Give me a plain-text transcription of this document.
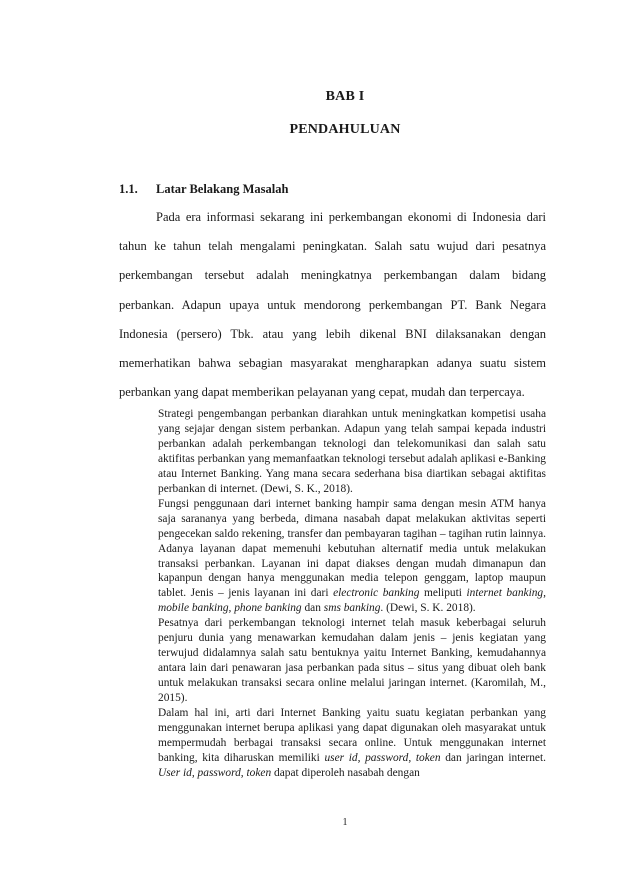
BAB I
PENDAHULUAN
1.1. Latar Belakang Masalah
Pada era informasi sekarang ini perkembangan ekonomi di Indonesia dari tahun ke tahun telah mengalami peningkatan. Salah satu wujud dari pesatnya perkembangan tersebut adalah meningkatnya perkembangan dalam bidang perbankan. Adapun upaya untuk mendorong perkembangan PT. Bank Negara Indonesia (persero) Tbk. atau yang lebih dikenal BNI dilaksanakan dengan memerhatikan bahwa sebagian masyarakat mengharapkan adanya suatu sistem perbankan yang dapat memberikan pelayanan yang cepat, mudah dan terpercaya.

Strategi pengembangan perbankan diarahkan untuk meningkatkan kompetisi usaha yang sejajar dengan sistem perbankan. Adapun yang telah sampai kepada industri perbankan adalah perkembangan teknologi dan telekomunikasi dan salah satu aktifitas perbankan yang memanfaatkan teknologi tersebut adalah aplikasi e-Banking atau Internet Banking. Yang mana secara sederhana bisa diartikan sebagai aktifitas perbankan di internet. (Dewi, S. K., 2018).

Fungsi penggunaan dari internet banking hampir sama dengan mesin ATM hanya saja sarananya yang berbeda, dimana nasabah dapat melakukan aktivitas seperti pengecekan saldo rekening, transfer dan pembayaran tagihan – tagihan rutin lainnya. Adanya layanan dapat memenuhi kebutuhan alternatif media untuk melakukan transaksi perbankan. Layanan ini dapat diakses dengan mudah dimanapun dan kapanpun dengan hanya menggunakan media telepon genggam, laptop maupun tablet. Jenis – jenis layanan ini dari electronic banking meliputi internet banking, mobile banking, phone banking dan sms banking. (Dewi, S. K. 2018).

Pesatnya dari perkembangan teknologi internet telah masuk keberbagai seluruh penjuru dunia yang menawarkan kemudahan dalam jenis – jenis kegiatan yang terwujud didalamnya salah satu bentuknya yaitu Internet Banking, kemudahannya antara lain dari penawaran jasa perbankan pada situs – situs yang dibuat oleh bank untuk melakukan transaksi secara online melalui jaringan internet. (Karomilah, M., 2015).

Dalam hal ini, arti dari Internet Banking yaitu suatu kegiatan perbankan yang menggunakan internet berupa aplikasi yang dapat digunakan oleh masyarakat untuk mempermudah berbagai transaksi secara online. Untuk menggunakan internet banking, kita diharuskan memiliki user id, password, token dan jaringan internet. User id, password, token dapat diperoleh nasabah dengan

1
